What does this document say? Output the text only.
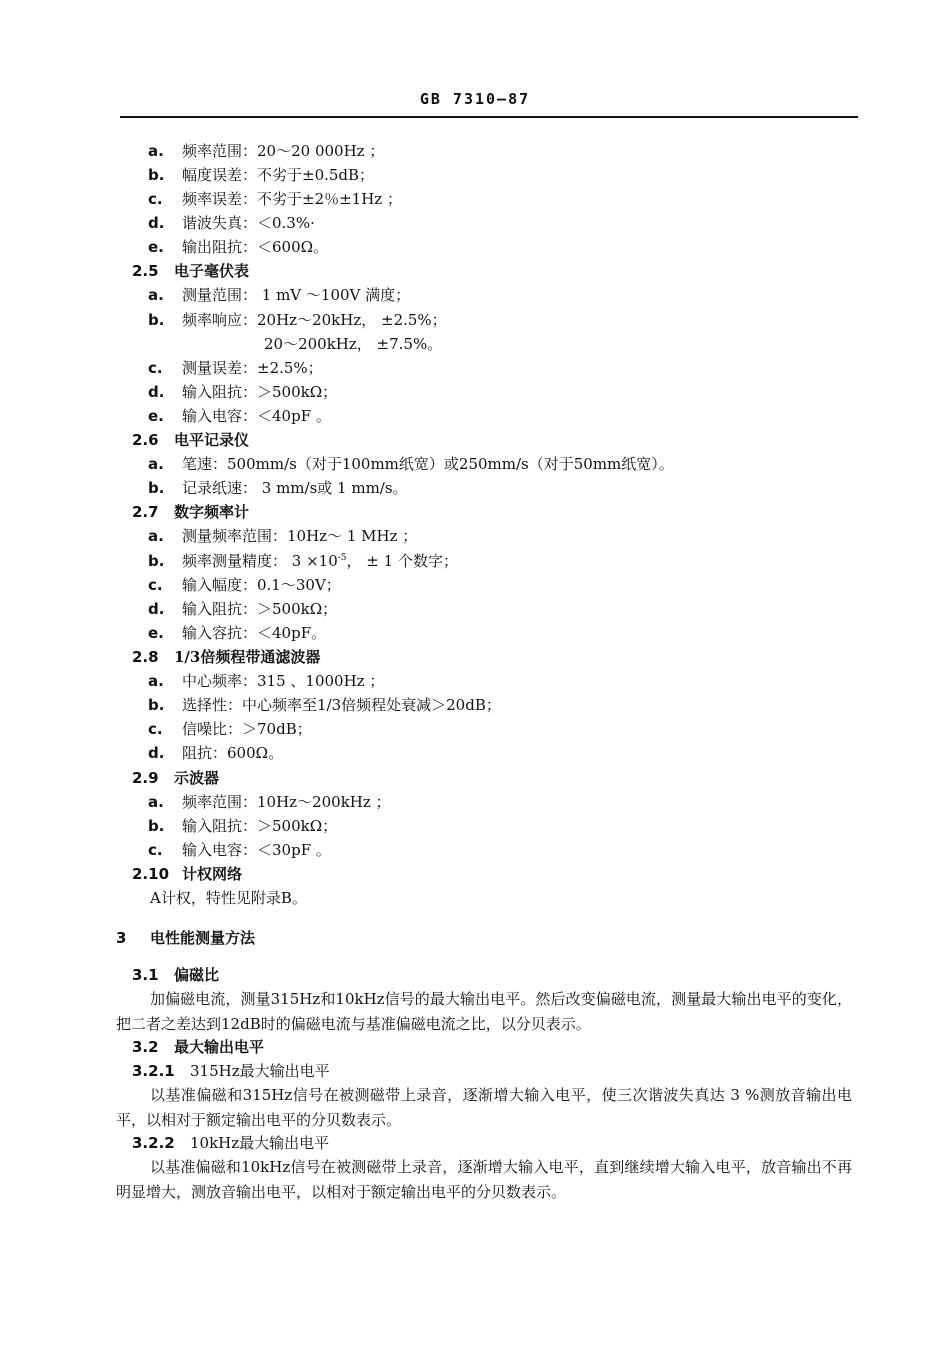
GB 7310—87
a. 频率范围：20～20 000Hz ；
b. 幅度误差：不劣于±0.5dB；
c. 频率误差：不劣于±2％±1Hz ；
d. 谐波失真：＜0.3%·
e. 输出阻抗：＜600Ω。
2.5 电子毫伏表
a. 测量范围： 1 mV ～100V 满度；
b. 频率响应：20Hz～20kHz， ±2.5%；
20～200kHz， ±7.5%。
c. 测量误差：±2.5%；
d. 输入阻抗：＞500kΩ；
e. 输入电容：＜40pF 。
2.6 电平记录仪
a. 笔速：500mm/s（对于100mm纸宽）或250mm/s（对于50mm纸宽）。
b. 记录纸速： 3 mm/s或 1 mm/s。
2.7 数字频率计
a. 测量频率范围：10Hz～ 1 MHz ；
b. 频率测量精度： $3 \times 10^{-5}$， ± 1 个数字；
c. 输入幅度：0.1～30V；
d. 输入阻抗：＞500kΩ；
e. 输入容抗：＜40pF。
2.8 1/3倍频程带通滤波器
a. 中心频率：315 、1000Hz ；
b. 选择性：中心频率至1/3倍频程处衰减＞20dB；
c. 信噪比：＞70dB；
d. 阻抗：600Ω。
2.9 示波器
a. 频率范围：10Hz～200kHz ；
b. 输入阻抗：＞500kΩ；
c. 输入电容：＜30pF 。
2.10 计权网络
A计权，特性见附录B。
3 电性能测量方法
3.1 偏磁比
加偏磁电流，测量315Hz和10kHz信号的最大输出电平。然后改变偏磁电流，测量最大输出电平的变化，把二者之差达到12dB时的偏磁电流与基准偏磁电流之比，以分贝表示。
3.2 最大输出电平
3.2.1 315Hz最大输出电平
以基准偏磁和315Hz信号在被测磁带上录音，逐渐增大输入电平，使三次谐波失真达 3 %测放音输出电平，以相对于额定输出电平的分贝数表示。
3.2.2 10kHz最大输出电平
以基准偏磁和10kHz信号在被测磁带上录音，逐渐增大输入电平，直到继续增大输入电平，放音输出不再明显增大，测放音输出电平，以相对于额定输出电平的分贝数表示。
